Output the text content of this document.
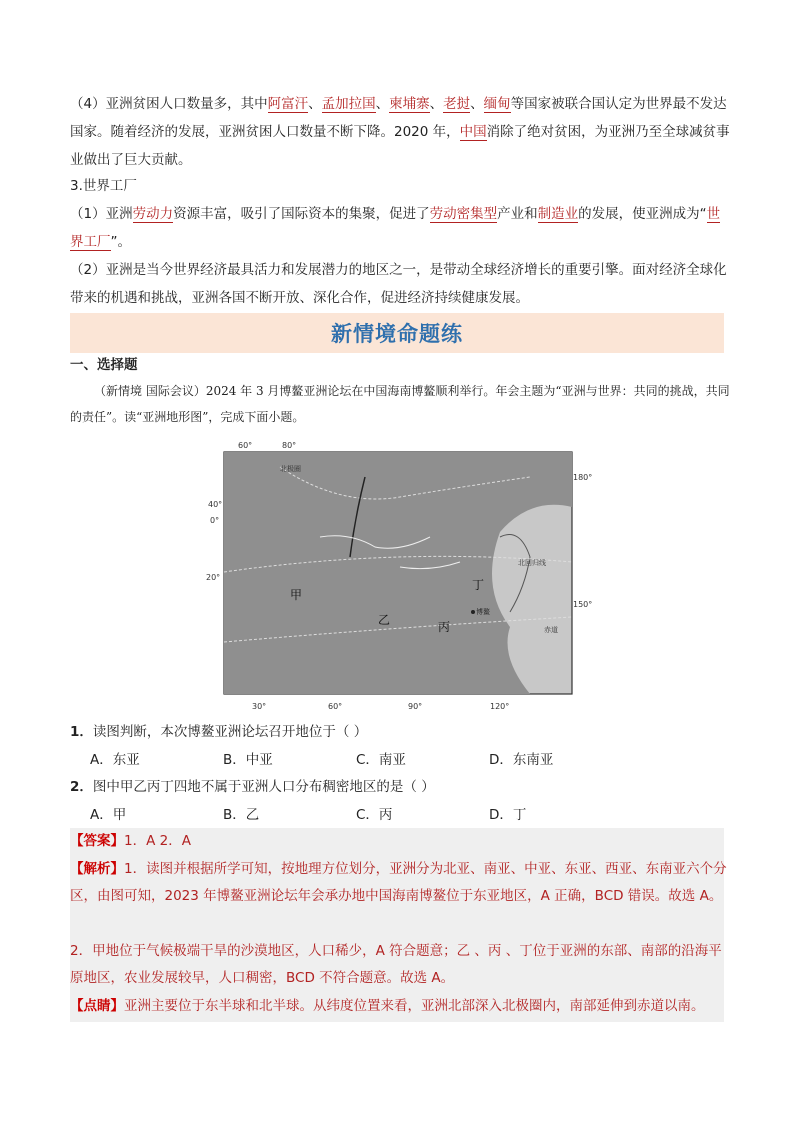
（4）亚洲贫困人口数量多，其中阿富汗、孟加拉国、柬埔寨、老挝、缅甸等国家被联合国认定为世界最不发达国家。随着经济的发展，亚洲贫困人口数量不断下降。2020 年，中国消除了绝对贫困，为亚洲乃至全球减贫事业做出了巨大贡献。

3.世界工厂

（1）亚洲劳动力资源丰富，吸引了国际资本的集聚，促进了劳动密集型产业和制造业的发展，使亚洲成为“世界工厂”。

（2）亚洲是当今世界经济最具活力和发展潜力的地区之一，是带动全球经济增长的重要引擎。面对经济全球化带来的机遇和挑战，亚洲各国不断开放、深化合作，促进经济持续健康发展。

新情境命题练
一、选择题
（新情境 国际会议）2024 年 3 月博鳌亚洲论坛在中国海南博鳌顺利举行。年会主题为“亚洲与世界：共同的挑战，共同的责任”。读“亚洲地形图”，完成下面小题。
60°	80°
30°	60°	90°	120°
40°
0°
20°
180°
150°
甲
乙	丙
丁
北极圈
北回归线
赤道
博鳌
1．读图判断，本次博鳌亚洲论坛召开地位于（ ）
A．东亚	B．中亚	C．南亚	D．东南亚
2．图中甲乙丙丁四地不属于亚洲人口分布稠密地区的是（ ）
A．甲	B．乙	C．丙	D．丁
【答案】1．A 2．A
【解析】1．读图并根据所学可知，按地理方位划分，亚洲分为北亚、南亚、中亚、东亚、西亚、东南亚六个分区，由图可知，2023 年博鳌亚洲论坛年会承办地中国海南博鳌位于东亚地区，A 正确，BCD 错误。故选 A。
2．甲地位于气候极端干旱的沙漠地区，人口稀少，A 符合题意；乙 、丙 、丁位于亚洲的东部、南部的沿海平原地区，农业发展较早，人口稠密，BCD 不符合题意。故选 A。
【点睛】亚洲主要位于东半球和北半球。从纬度位置来看，亚洲北部深入北极圈内，南部延伸到赤道以南。
